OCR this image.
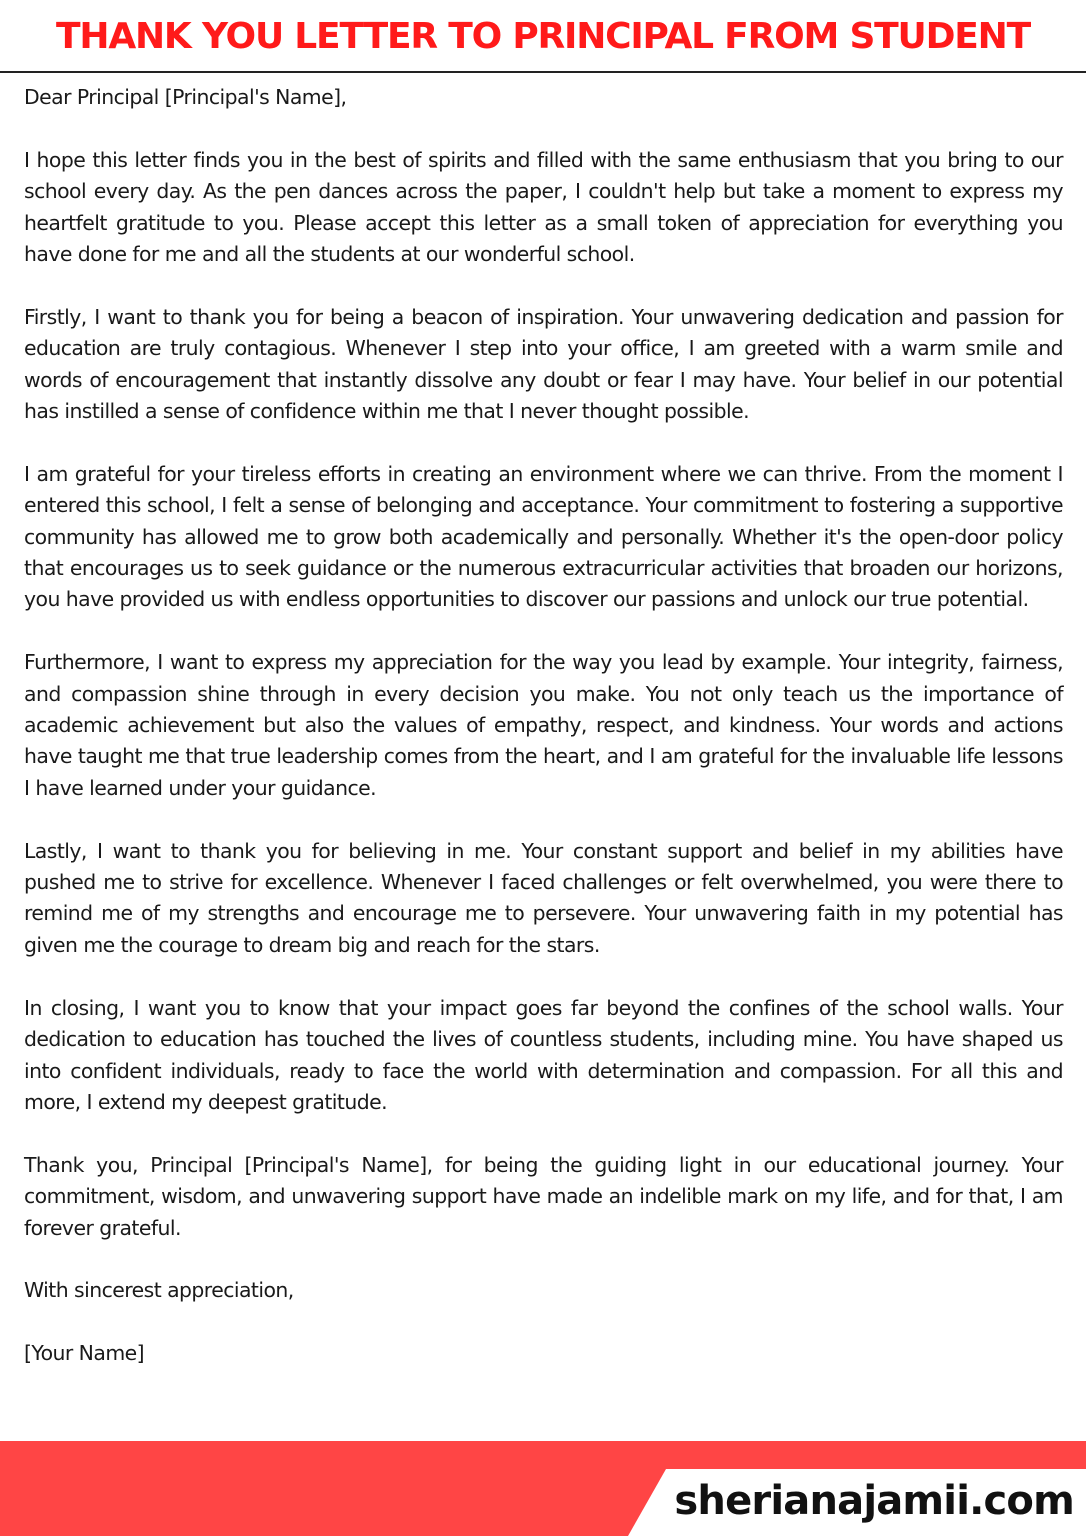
THANK YOU LETTER TO PRINCIPAL FROM STUDENT

Dear Principal [Principal's Name],

I hope this letter finds you in the best of spirits and filled with the same enthusiasm that you bring to our school every day. As the pen dances across the paper, I couldn't help but take a moment to express my heartfelt gratitude to you. Please accept this letter as a small token of appreciation for everything you have done for me and all the students at our wonderful school.

Firstly, I want to thank you for being a beacon of inspiration. Your unwavering dedication and passion for education are truly contagious. Whenever I step into your office, I am greeted with a warm smile and words of encouragement that instantly dissolve any doubt or fear I may have. Your belief in our potential has instilled a sense of confidence within me that I never thought possible.

I am grateful for your tireless efforts in creating an environment where we can thrive. From the moment I entered this school, I felt a sense of belonging and acceptance. Your commitment to fostering a supportive community has allowed me to grow both academically and personally. Whether it's the open-door policy that encourages us to seek guidance or the numerous extracurricular activities that broaden our horizons, you have provided us with endless opportunities to discover our passions and unlock our true potential.

Furthermore, I want to express my appreciation for the way you lead by example. Your integrity, fairness, and compassion shine through in every decision you make. You not only teach us the importance of academic achievement but also the values of empathy, respect, and kindness. Your words and actions have taught me that true leadership comes from the heart, and I am grateful for the invaluable life lessons I have learned under your guidance.

Lastly, I want to thank you for believing in me. Your constant support and belief in my abilities have pushed me to strive for excellence. Whenever I faced challenges or felt overwhelmed, you were there to remind me of my strengths and encourage me to persevere. Your unwavering faith in my potential has given me the courage to dream big and reach for the stars.

In closing, I want you to know that your impact goes far beyond the confines of the school walls. Your dedication to education has touched the lives of countless students, including mine. You have shaped us into confident individuals, ready to face the world with determination and compassion. For all this and more, I extend my deepest gratitude.

Thank you, Principal [Principal's Name], for being the guiding light in our educational journey. Your commitment, wisdom, and unwavering support have made an indelible mark on my life, and for that, I am forever grateful.

With sincerest appreciation,

[Your Name]

sherianajamii.com
